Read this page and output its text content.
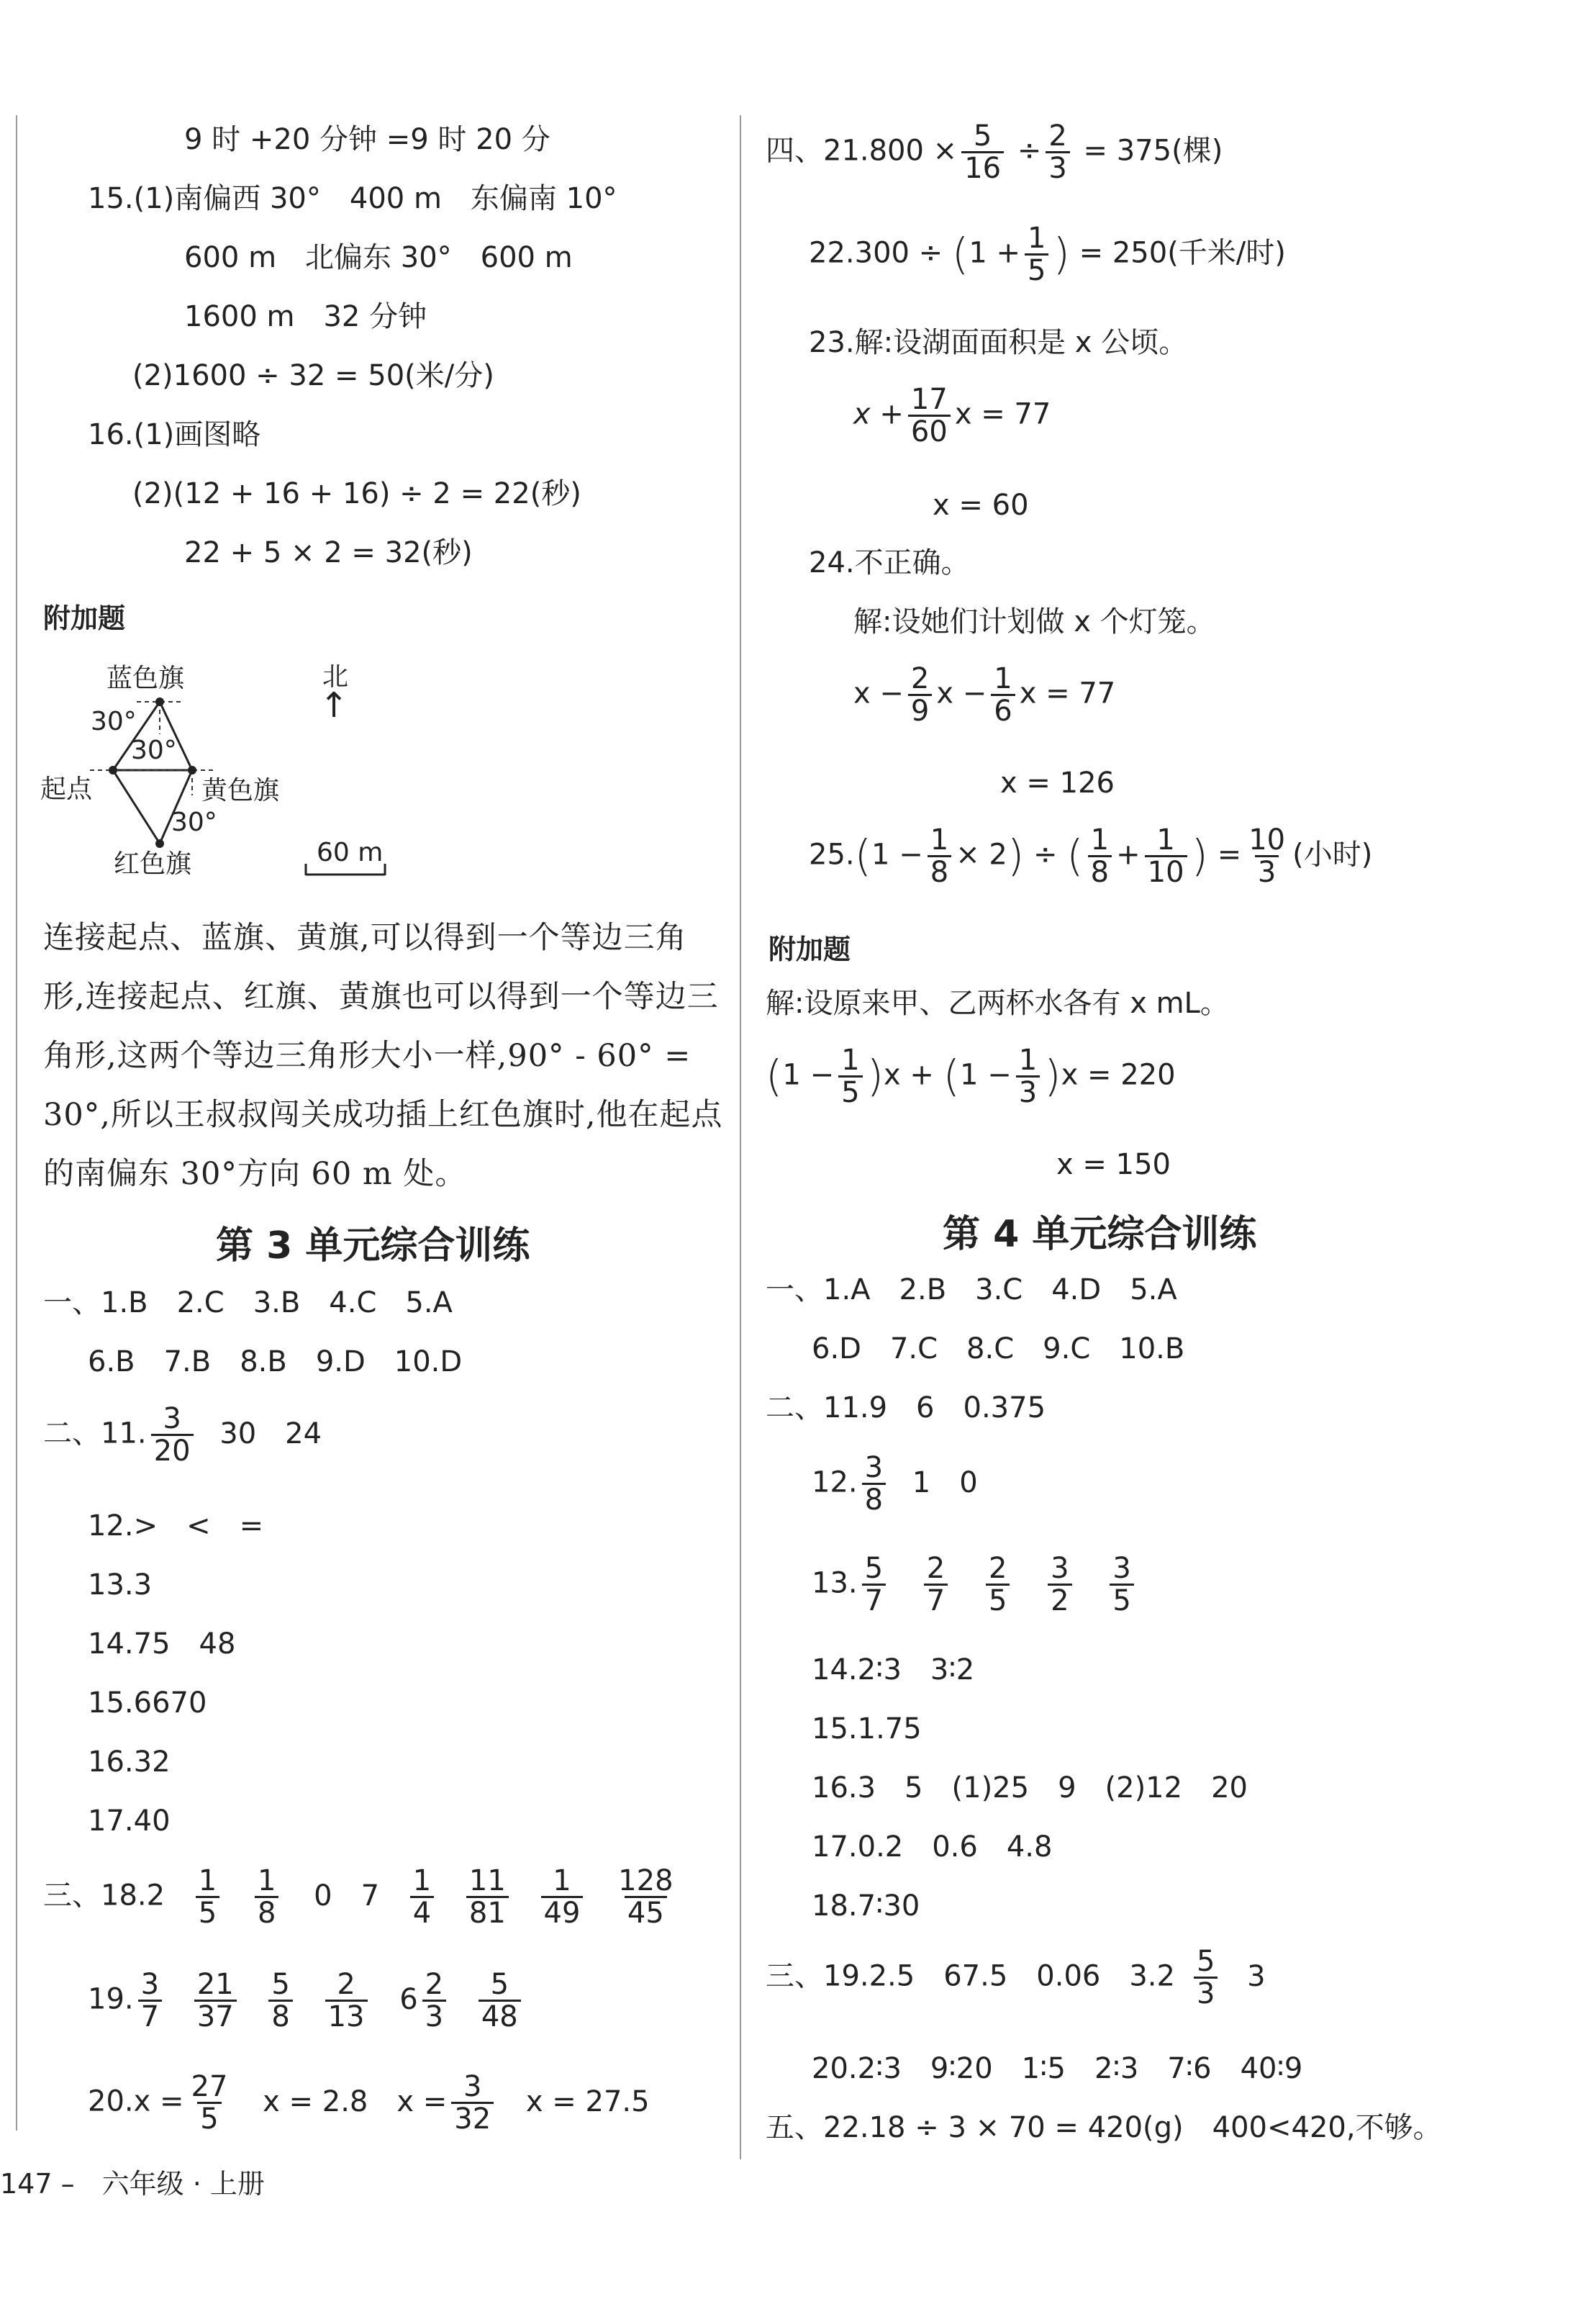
9 时 +20 分钟 =9 时 20 分
15.(1)南偏西 30°　400 m　东偏南 10°
600 m　北偏东 30°　600 m
1600 m　32 分钟
(2)1600 ÷ 32 = 50(米/分)
16.(1)画图略
(2)(12 + 16 + 16) ÷ 2 = 22(秒)
22 + 5 × 2 = 32(秒)
附加题
蓝色旗	北
↑
30°
30°
起点	黄色旗
30°
红色旗	60 m
连接起点、蓝旗、黄旗,可以得到一个等边三角形,连接起点、红旗、黄旗也可以得到一个等边三角形,这两个等边三角形大小一样,90° - 60° = 30°,所以王叔叔闯关成功插上红色旗时,他在起点的南偏东 30°方向 60 m 处。
第 3 单元综合训练
一、1.B　2.C　3.B　4.C　5.A
6.B　7.B　8.B　9.D　10.D
二、11. $\frac{3}{20} 30$　24
12.>　<　=
13.3
14.75　48
15.6670
16.32
17.40
三、$18.2 \frac{1}{5}$
$\frac{1}{8} 0$　$7 \frac{1}{4}$
$\frac{11}{81}$
$\frac{1}{49}$
$\frac{128}{45}$
19. $\frac{3}{7}$
$\frac{21}{37}$
$\frac{5}{8}$
$\frac{2}{13} 6 \frac{2}{3}$
$\frac{5}{48}$
$20.x = \frac{27}{5}$ x = 2.8　$x = \frac{3}{32}$ x = 27.5
147 –　六年级 · 上册
四、$21.800 \times \frac{5}{16} \div \frac{2}{3} = 375$(棵)
$22.300 \div (1 + \frac{1}{5}$ ) = 250(千米/时)
23.解:设湖面面积是 x 公顷。
$x + \frac{17}{60}$ x = 77
x = 60
24.不正确。
解:设她们计划做 x 个灯笼。
$x - \frac{2}{9}$ $x - \frac{1}{6}$ x = 77
x = 126
$25.(1 - \frac{1}{8} \times 2)$ ÷ ( $\frac{1}{8} + \frac{1}{10}$ ) = $\frac{10}{3}$ (小时)
附加题
解:设原来甲、乙两杯水各有 x mL。
$(1 - \frac{1}{5} )x + (1 - \frac{1}{3} )x = 220$
x = 150
第 4 单元综合训练
一、1.A　2.B　3.C　4.D　5.A
6.D　7.C　8.C　9.C　10.B
二、11.9　6　0.375
12. $\frac{3}{8} 1$　0
13. $\frac{5}{7}$
$\frac{2}{7}$
$\frac{2}{5}$
$\frac{3}{2}$
$\frac{3}{5}$
14.2∶3　3∶2
15.1.75
16.3　5　(1)25　9　(2)12　20
17.0.2　0.6　4.8
18.7∶30
三、19.2.5　67.5　0.06　$3.2 \frac{5}{3} 3$
20.2∶3　9∶20　1∶5　2∶3　7∶6　40∶9
五、22.18 ÷ 3 × 70 = 420(g)　400<420,不够。
